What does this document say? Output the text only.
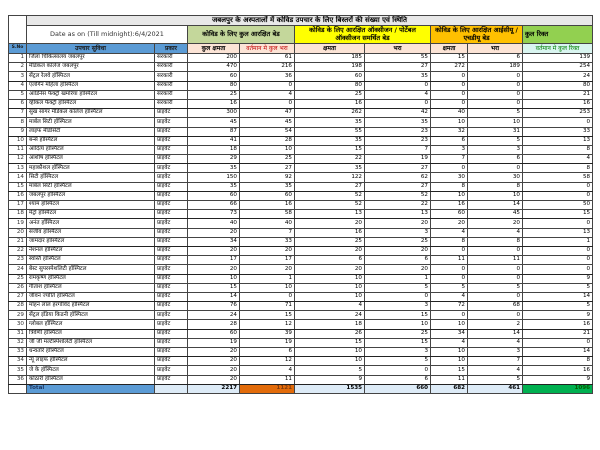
	जबलपुर के अस्पतालों में कोविड उपचार के लिए बिस्तरों की संख्या एवं स्थिति								
	Date as on (Till midnight):6/4/2021		कोविड के लिए कुल आरक्षित बेड		कोविड के लिए आरक्षित ऑक्सीजन / पोर्टेबल ऑक्सीजन समर्थित बेड		कोविड के लिए आरक्षित आईसीयू / एचडीयू बेड		कुल रिक्त
S.No	उपचार सुविधा	प्रकार	कुल क्षमता	वर्तमान मे कुल भरा	क्षमता	भरा	क्षमता	भरा	वर्तमान मे कुल रिक्त
1	जिला चिकित्सालय जबलपुर	सरकारी	200	61	185	55	15	6	139
2	मेडिकल कॉलेज जबलपुर	सरकारी	470	216	198	27	272	189	254
3	सेंट्रल रेलवे हॉस्पिटल	सरकारी	60	36	60	35	0	0	24
4	एलगिन महिला हॉस्पिटल	सरकारी	80	0	80	0	0	0	80
5	आर्डिनेंस फैक्ट्री खमरिया हॉस्पिटल	सरकारी	25	4	25	4	0	0	21
6	व्हीकल फैक्ट्री हॉस्पिटल	सरकारी	16	0	16	0	0	0	16
7	सुख सागर मेडिकल कॉलेज हॉस्पिटल	प्राइवेट	300	47	262	42	40	5	253
8	मार्बल सिटी हॉस्पिटल	प्राइवेट	45	45	35	35	10	10	0
9	लाइफ मेडिसिटी	प्राइवेट	87	54	55	23	32	31	33
10	बर्न्स हॉस्पिटल	प्राइवेट	41	28	35	23	6	5	13
11	आदित्य हॉस्पिटल	प्राइवेट	18	10	15	7	3	3	8
12	आशीष हॉस्पिटल	प्राइवेट	29	25	22	19	7	6	4
13	महाकौशल हॉस्पिटल	प्राइवेट	35	27	35	27	0	0	8
14	सिटी हॉस्पिटल	प्राइवेट	150	92	122	62	30	30	58
15	मार्बल सिटी हॉस्पिटल	प्राइवेट	35	35	27	27	8	8	0
16	जबलपुर हॉस्पिटल	प्राइवेट	60	60	52	52	10	10	0
17	श्याम हॉस्पिटल	प्राइवेट	66	16	52	22	16	14	50
18	मेट्रो हॉस्पिटल	प्राइवेट	73	58	13	13	60	45	15
19	अनंत हॉस्पिटल	प्राइवेट	40	40	20	20	20	20	0
20	संजीव हॉस्पिटल	प्राइवेट	20	7	16	3	4	4	13
21	जामदार हॉस्पिटल	प्राइवेट	34	33	25	25	8	8	1
22	नेशनल हॉस्पिटल	प्राइवेट	20	20	20	20	0	0	0
23	स्वस्ति हॉस्पिटल	प्राइवेट	17	17	6	6	11	11	0
24	बेस्ट सुपरस्पेशलिटी हॉस्पिटल	प्राइवेट	20	20	20	20	0	0	0
25	रामकृष्ण हॉस्पिटल	प्राइवेट	10	1	10	1	0	0	9
26	गीतांश हॉस्पिटल	प्राइवेट	15	10	10	5	5	5	5
27	जीवन ज्योति हॉस्पिटल	प्राइवेट	14	0	10	0	4	0	14
28	मोहन लाल हरगोविंद हॉस्पिटल	प्राइवेट	76	71	4	3	72	68	5
29	सेंट्रल इंडिया किडनी हॉस्पिटल	प्राइवेट	24	15	24	15	0	0	9
30	ग्लोबल हॉस्पिटल	प्राइवेट	28	12	18	10	10	2	16
31	त्रिवेणी हॉस्पिटल	प्राइवेट	60	39	26	25	34	14	21
32	जी जी मल्टीस्पेशलिटी हॉस्पिटल	प्राइवेट	19	19	15	15	4	4	0
33	धन्वंतरि हॉस्पिटल	प्राइवेट	20	6	10	3	10	3	14
34	न्यू लाइफ हॉस्पिटल	प्राइवेट	20	12	10	5	10	7	8
35	जे के हॉस्पिटल	प्राइवेट	20	4	5	0	15	4	16
36	कोठारी हॉस्पिटल	प्राइवेट	20	11	9	6	11	5	9
	Total		2217	1121	1535	660	682	461	1096
